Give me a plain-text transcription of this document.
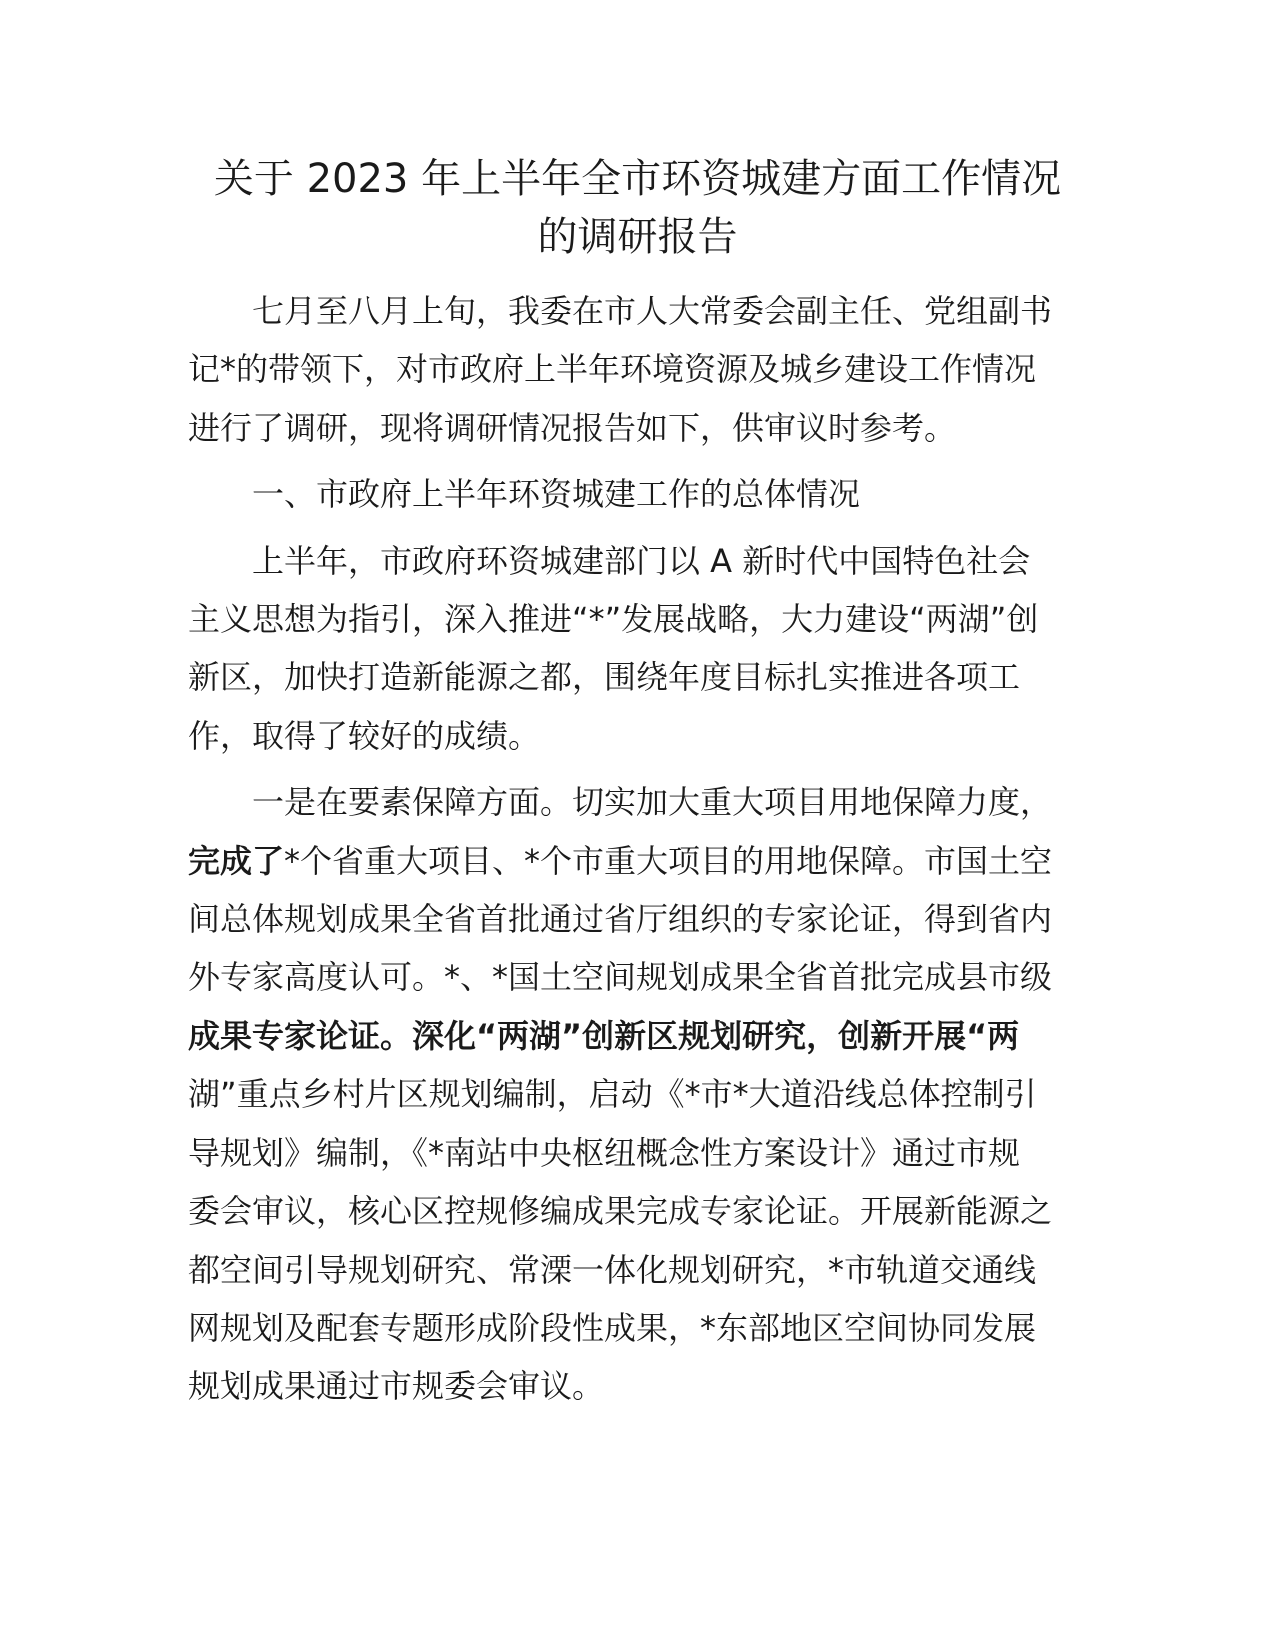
关于 2023 年上半年全市环资城建方面工作情况
的调研报告

七月至八月上旬，我委在市人大常委会副主任、党组副书
记*的带领下，对市政府上半年环境资源及城乡建设工作情况
进行了调研，现将调研情况报告如下，供审议时参考。

一、市政府上半年环资城建工作的总体情况

上半年，市政府环资城建部门以 A 新时代中国特色社会
主义思想为指引，深入推进“*”发展战略，大力建设“两湖”创
新区，加快打造新能源之都，围绕年度目标扎实推进各项工
作，取得了较好的成绩。

一是在要素保障方面。切实加大重大项目用地保障力度，
完成了*个省重大项目、*个市重大项目的用地保障。市国土空
间总体规划成果全省首批通过省厅组织的专家论证，得到省内
外专家高度认可。*、*国土空间规划成果全省首批完成县市级
成果专家论证。深化“两湖”创新区规划研究，创新开展“两
湖”重点乡村片区规划编制，启动《*市*大道沿线总体控制引
导规划》编制，《*南站中央枢纽概念性方案设计》通过市规
委会审议，核心区控规修编成果完成专家论证。开展新能源之
都空间引导规划研究、常溧一体化规划研究，*市轨道交通线
网规划及配套专题形成阶段性成果，*东部地区空间协同发展
规划成果通过市规委会审议。
